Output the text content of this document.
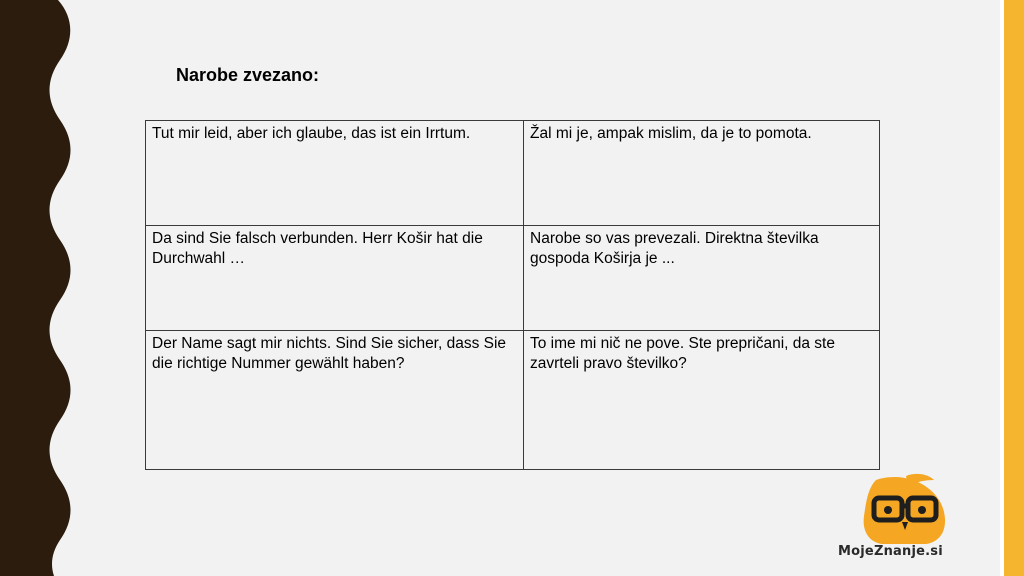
Narobe zvezano:
Tut mir leid, aber ich glaube, das ist ein Irrtum.	Žal mi je, ampak mislim, da je to pomota.
Da sind Sie falsch verbunden. Herr Košir hat die Durchwahl …	Narobe so vas prevezali. Direktna številka gospoda Koširja je ...
Der Name sagt mir nichts. Sind Sie sicher, dass Sie die richtige Nummer gewählt haben?	To ime mi nič ne pove. Ste prepričani, da ste zavrteli pravo številko?
MojeZnanje.si
